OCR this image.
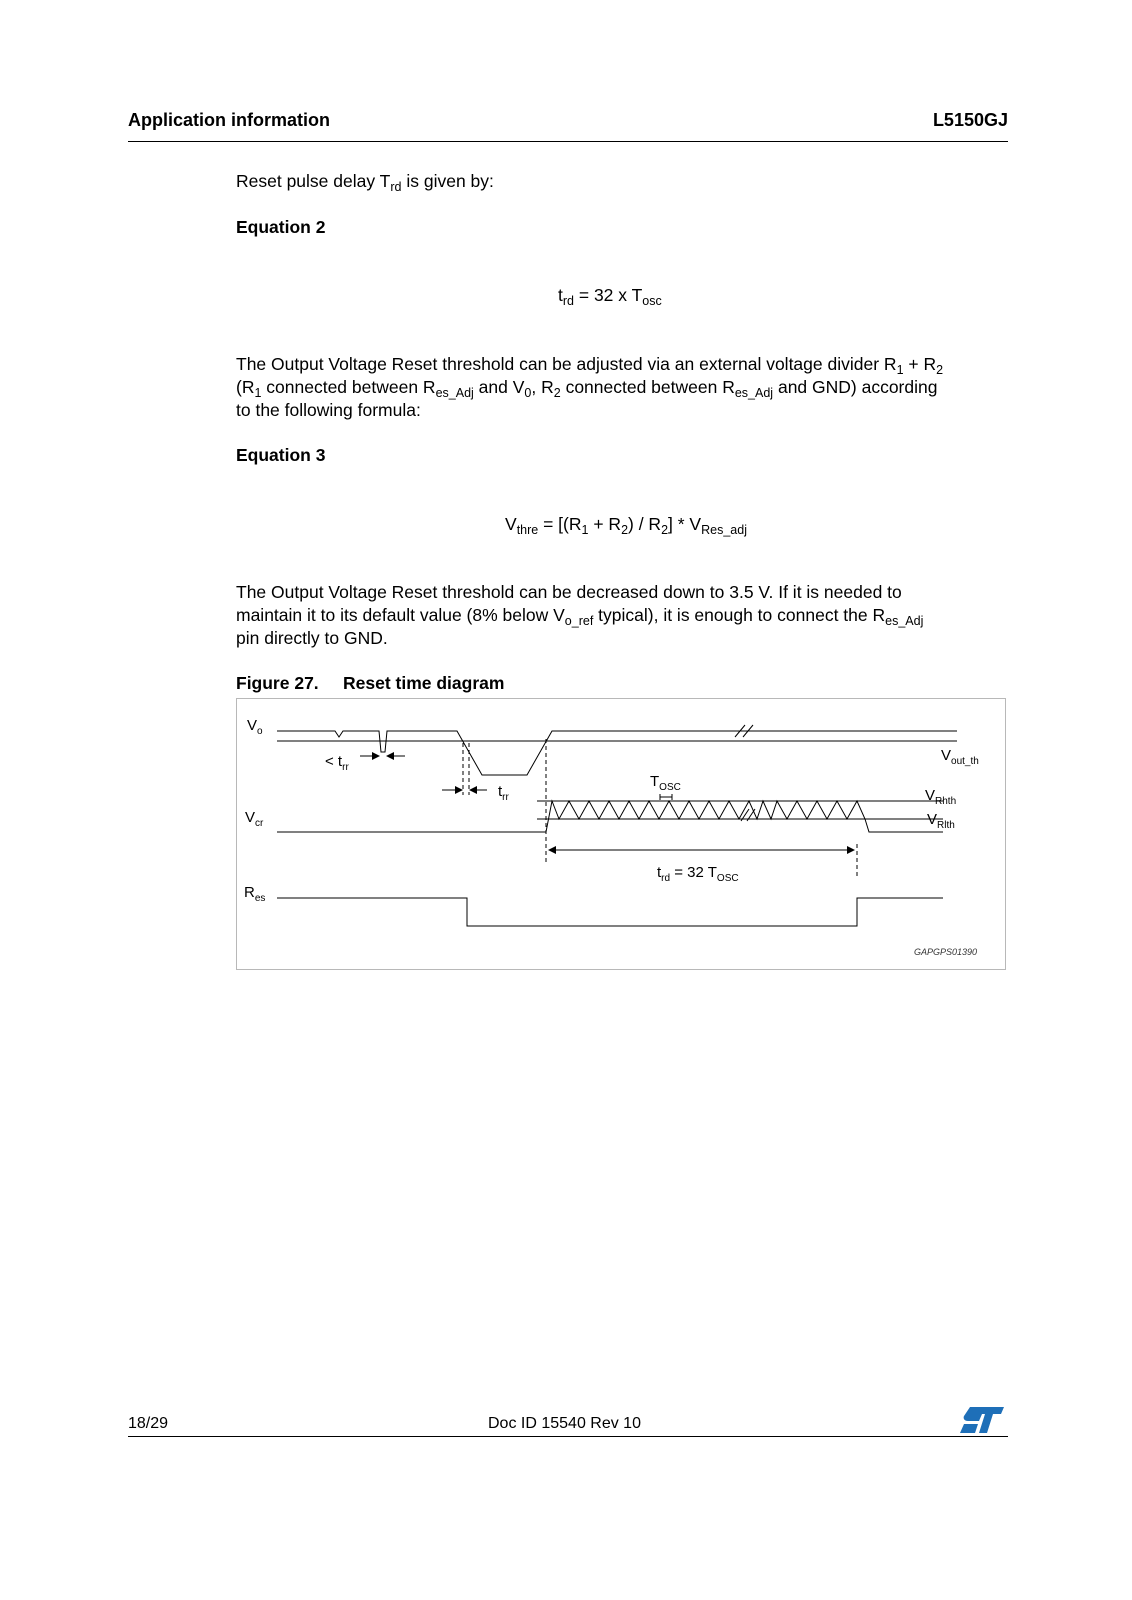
Application information	L5150GJ
Reset pulse delay $T_{rd}$ is given by:
Equation 2
$t_{rd} = 32$ x $T_{osc}$
The Output Voltage Reset threshold can be adjusted via an external voltage divider $R_1 + R_2$
($R_1$ connected between $R_{es\_Adj}$ and $V_0$, $R_2$ connected between $R_{es\_Adj}$ and GND) according
to the following formula:
Equation 3
$V_{thre} = [(R_1 + R_2) / R_2] * V_{Res\_adj}$
The Output Voltage Reset threshold can be decreased down to 3.5 V. If it is needed to
maintain it to its default value (8% below $V_{o\_ref}$ typical), it is enough to connect the $R_{es\_Adj}$
pin directly to GND.
Figure 27. Reset time diagram
$V_o$
$V_{cr}$
$R_{es}$
< $t_{rr}$
$t_{rr}$
$T_{OSC}$
$V_{out\_th}$
$V_{Rhth}$
$V_{Rlth}$
$t_{rd} = 32$ $T_{OSC}$
GAPGPS01390
18/29	Doc ID 15540 Rev 10
